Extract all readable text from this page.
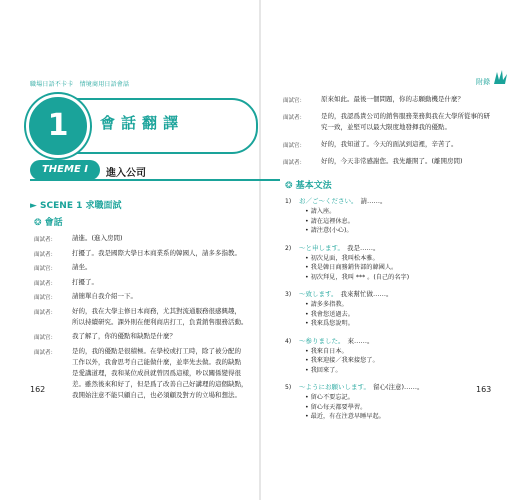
職場日語不卡卡　情境商用日語會話	附錄
1	會話翻譯
THEME I	進入公司
► SCENE 1 求職面試
❂ 會話
面試者：	請進。(進入房間)
面試者：	打擾了。我是國際大學日本商業系的韓國人，請多多指教。
面試官：	請坐。
面試者：	打擾了。
面試官：	請簡單自我介紹一下。
面試者：	好的，我在大學主修日本商務，尤其對流通服務很感興趣，
所以持續研究。課外則在便利商店打工，負責銷售服務活動。
面試官：	我了解了，你的優點和缺點是什麼？
面試者：	是的，我的優點是很積極。在學校或打工時，除了被分配的
工作以外，我會思考自己能做什麼，並率先去做。我的缺點
是愛講道理，我和某位成員就曾因爲這樣，吵以關係變得很
差。雖然後來和好了，但是爲了改善自己好講理的這個缺點，
我開始注意不能只顧自己，也必須顧及對方的立場和想法。
面試官：	原來如此。最後一個問題，你的志願動機是什麼？
面試者：	是的，我認爲貴公司的銷售服務業務與我在大學所從事的研
究一致，並堅可以最大限度地發揮我的優點。
面試官：	好的，我知道了。今天的面試到這裡，辛苦了。
面試者：	好的，今天非常感謝您。我先離開了。(離開房間)
❂ 基本文法
1)	お／ご～ください。 請……。
• 請入座。
• 請在這裡休息。
• 請注意(小心)。
2)	～と申します。 我是……。
• 初次見面，我叫松本雅。
• 我是韓日商務銷售部的韓國人。
• 初次拜見，我叫 *** 。(自己的名字)
3)	～致します。 我來幫忙做……。
• 請多多指教。
• 我會您送過去。
• 我來爲您說明。
4)	～参りました。 來……。
• 我來自日本。
• 我來迎接／我來接您了。
• 我回來了。
5)	～ようにお願いします。 留心(注意)……。
• 留心不要忘記。
• 留心每天都要學習。
• 最近，有在注意早睡早起。
162	163
